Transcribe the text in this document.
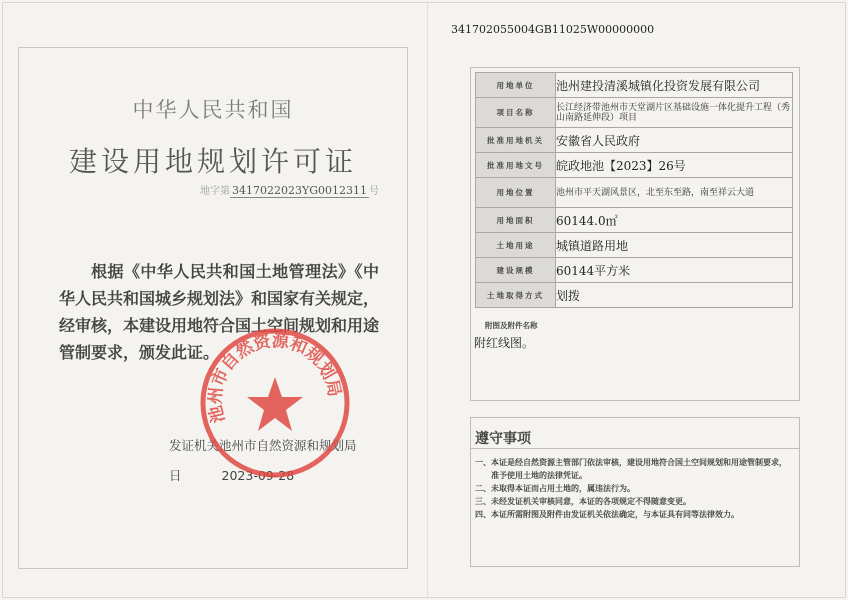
中华人民共和国
建设用地规划许可证
地字第 3417022023YG0012311 号
根据《中华人民共和国土地管理法》《中华人民共和国城乡规划法》和国家有关规定，经审核，本建设用地符合国土空间规划和用途管制要求，颁发此证。
发证机关池州市自然资源和规划局
日	2023-09-28
池州市自然资源和规划局
341702055004GB11025W00000000
用地单位	池州建投清溪城镇化投资发展有限公司
项目名称	长江经济带池州市天堂湖片区基础设施一体化提升工程（秀山南路延伸段）项目
批准用地机关	安徽省人民政府
批准用地文号	皖政地池【2023】26号
用地位置	池州市平天湖风景区，北至东至路，南至祥云大道
用地面积	60144.0㎡
土地用途	城镇道路用地
建设规模	60144平方米
土地取得方式	划拨
附图及附件名称
附红线图。
遵守事项
一、本证是经自然资源主管部门依法审核，建设用地符合国土空间规划和用途管制要求，准予使用土地的法律凭证。
二、未取得本证而占用土地的，属违法行为。
三、未经发证机关审核同意，本证的各项规定不得随意变更。
四、本证所需附图及附件由发证机关依法确定，与本证具有同等法律效力。
